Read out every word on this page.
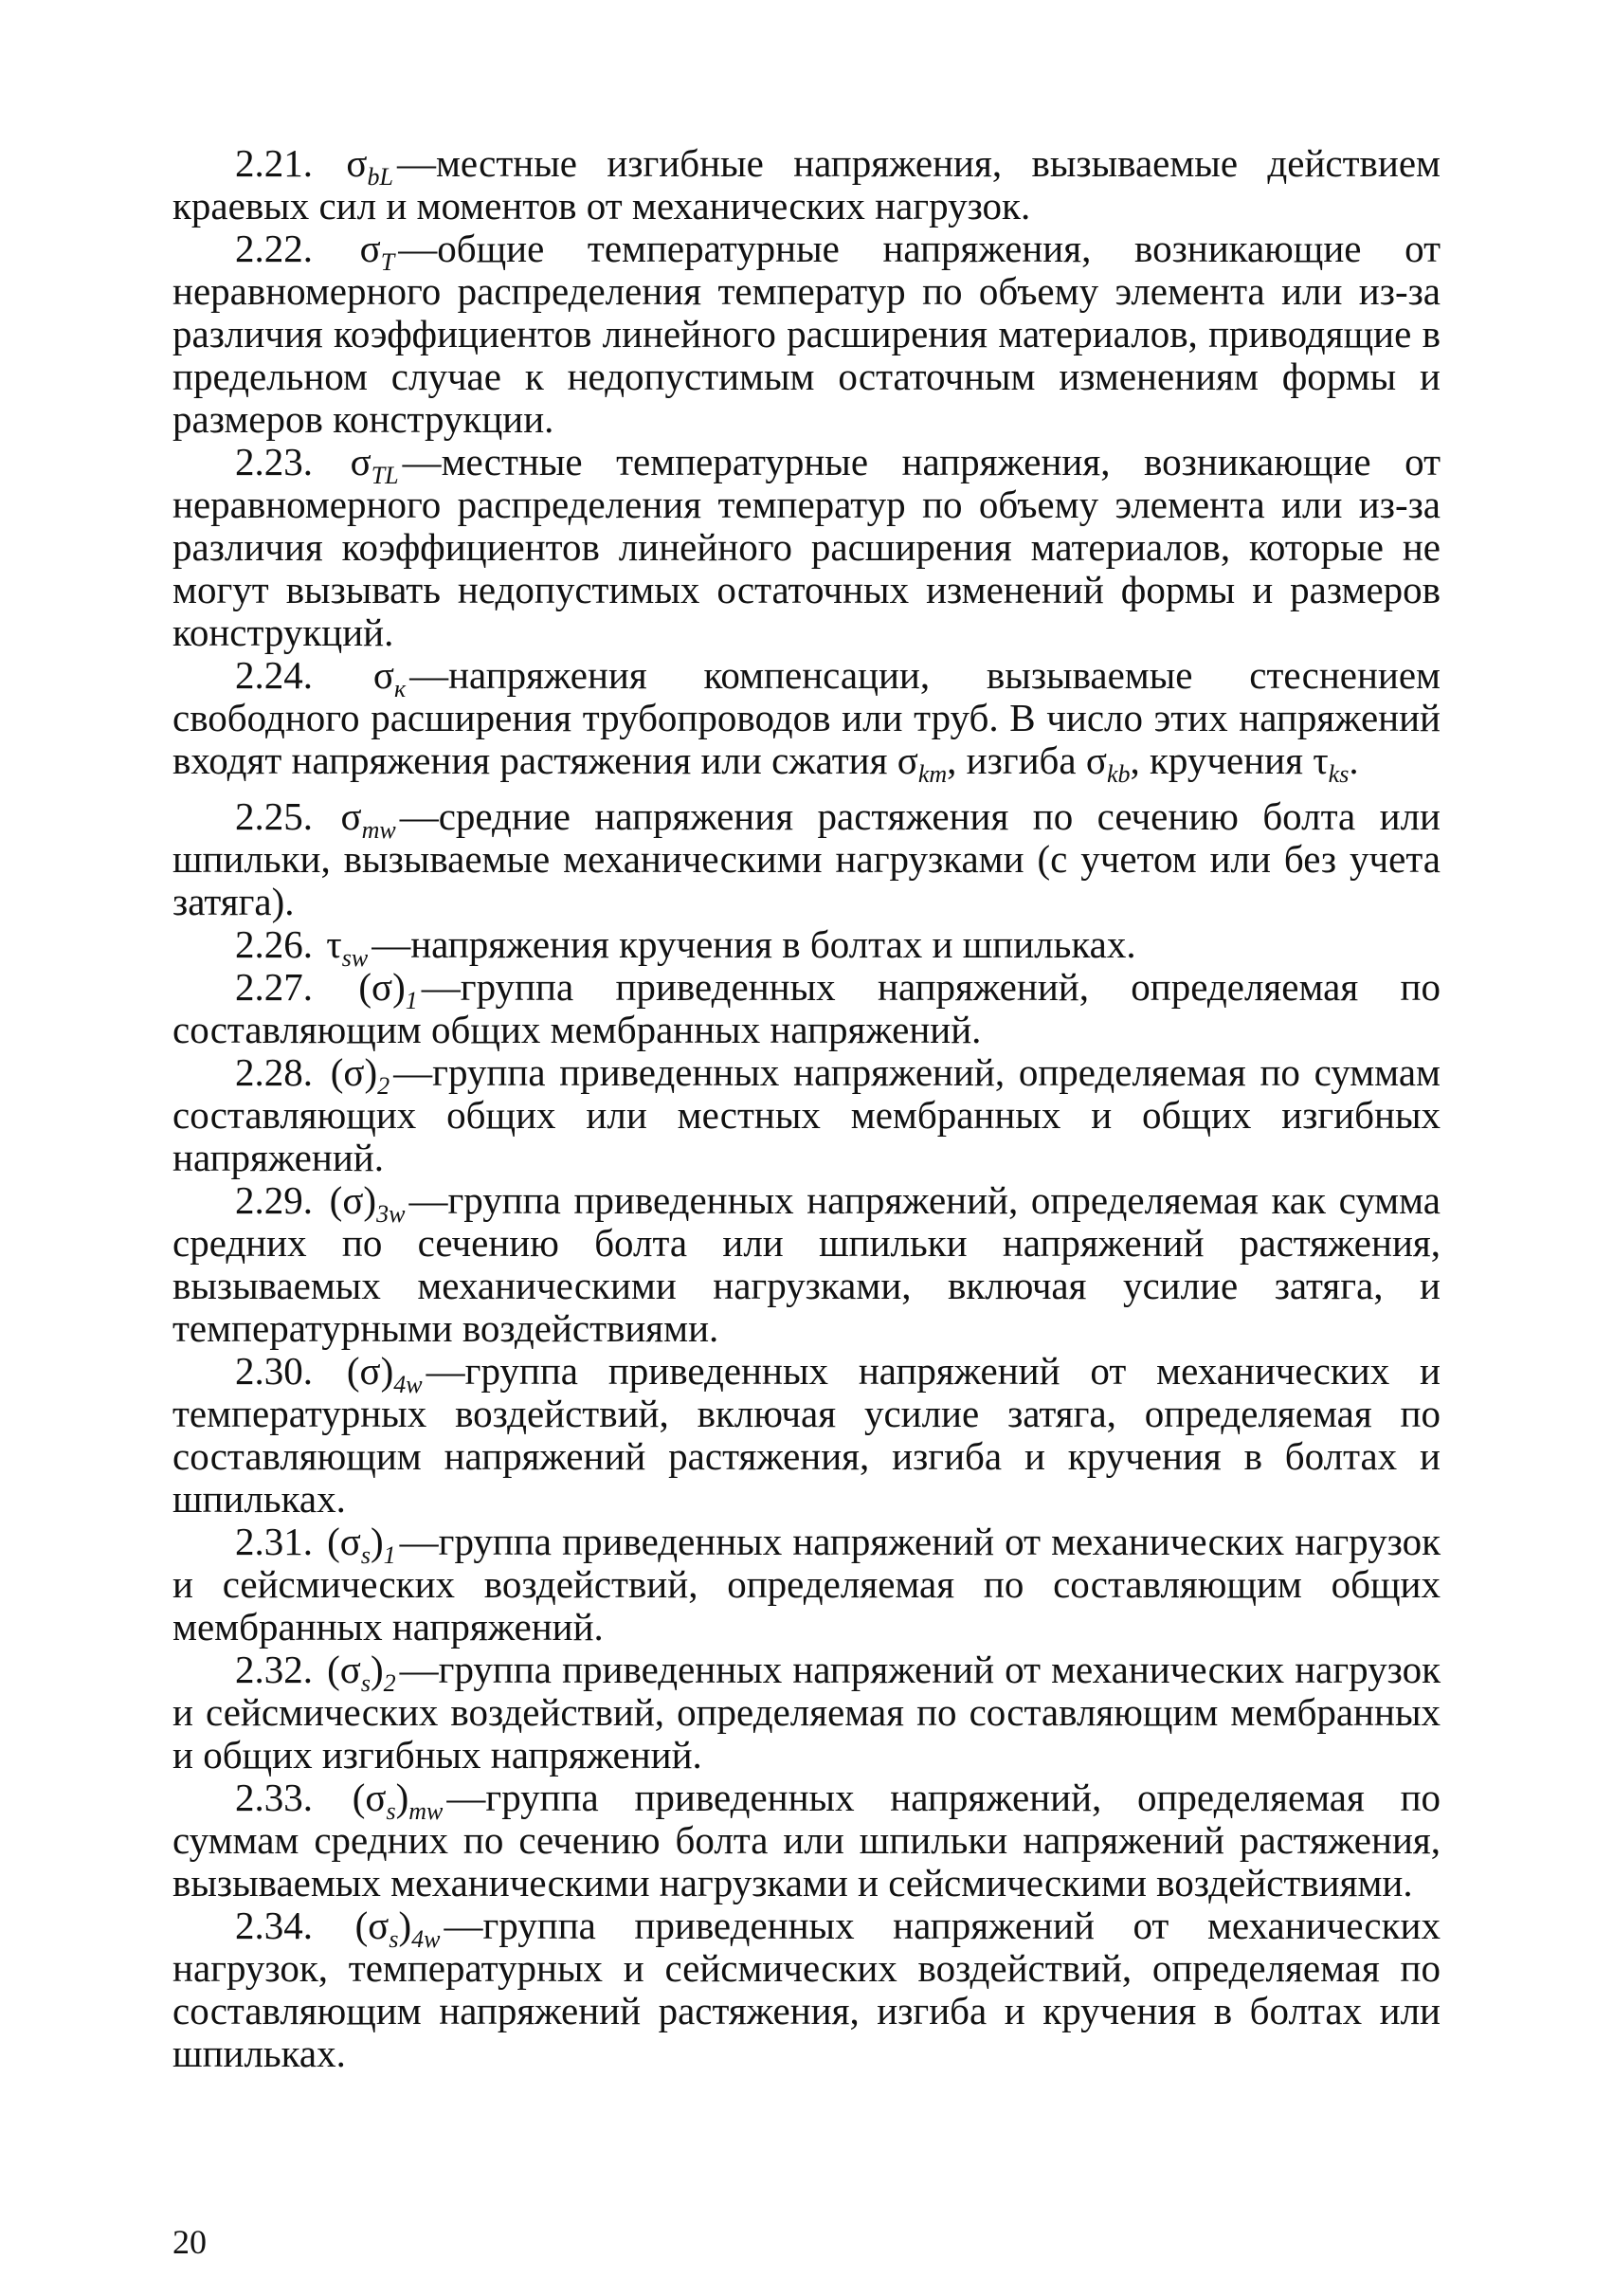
2.21. $\sigma_{bL}—местные$ изгибные напряжения, вызываемые действием краевых сил и моментов от механических нагрузок.

2.22. $\sigma_T—общие$ температурные напряжения, возникающие от неравномерного распределения температур по объему элемента или из-за различия коэффициентов линейного расширения материалов, приводящие в предельном случае к недопустимым остаточным изменениям формы и размеров конструкции.

2.23. $\sigma_{TL}—местные$ температурные напряжения, возникающие от неравномерного распределения температур по объему элемента или из-за различия коэффициентов линейного расширения материалов, которые не могут вызывать недопустимых остаточных изменений формы и размеров конструкций.

2.24. $\sigma_к—напряжения$ компенсации, вызываемые стеснением свободного расширения трубопроводов или труб. В число этих напряжений входят напряжения растяжения или сжатия $\sigma_{km}$, изгиба $\sigma_{kb}$, кручения $\tau_{ks}$.

2.25. $\sigma_{mw}—средние$ напряжения растяжения по сечению болта или шпильки, вызываемые механическими нагрузками (с учетом или без учета затяга).

2.26. $\tau_{sw}—напряжения$ кручения в болтах и шпильках.

2.27. $(\sigma)_1—группа$ приведенных напряжений, определяемая по составляющим общих мембранных напряжений.

2.28. $(\sigma)_2—группа$ приведенных напряжений, определяемая по суммам составляющих общих или местных мембранных и общих изгибных напряжений.

2.29. $(\sigma)_{3w}—группа$ приведенных напряжений, определяемая как сумма средних по сечению болта или шпильки напряжений растяжения, вызываемых механическими нагрузками, включая усилие затяга, и температурными воздействиями.

2.30. $(\sigma)_{4w}—группа$ приведенных напряжений от механических и температурных воздействий, включая усилие затяга, определяемая по составляющим напряжений растяжения, изгиба и кручения в болтах и шпильках.

2.31. $(\sigma_s)_1—группа$ приведенных напряжений от механических нагрузок и сейсмических воздействий, определяемая по составляющим общих мембранных напряжений.

2.32. $(\sigma_s)_2—группа$ приведенных напряжений от механических нагрузок и сейсмических воздействий, определяемая по составляющим мембранных и общих изгибных напряжений.

2.33. $(\sigma_s)_{mw}—группа$ приведенных напряжений, определяемая по суммам средних по сечению болта или шпильки напряжений растяжения, вызываемых механическими нагрузками и сейсмическими воздействиями.

2.34. $(\sigma_s)_{4w}—группа$ приведенных напряжений от механических нагрузок, температурных и сейсмических воздействий, определяемая по составляющим напряжений растяжения, изгиба и кручения в болтах или шпильках.

20
